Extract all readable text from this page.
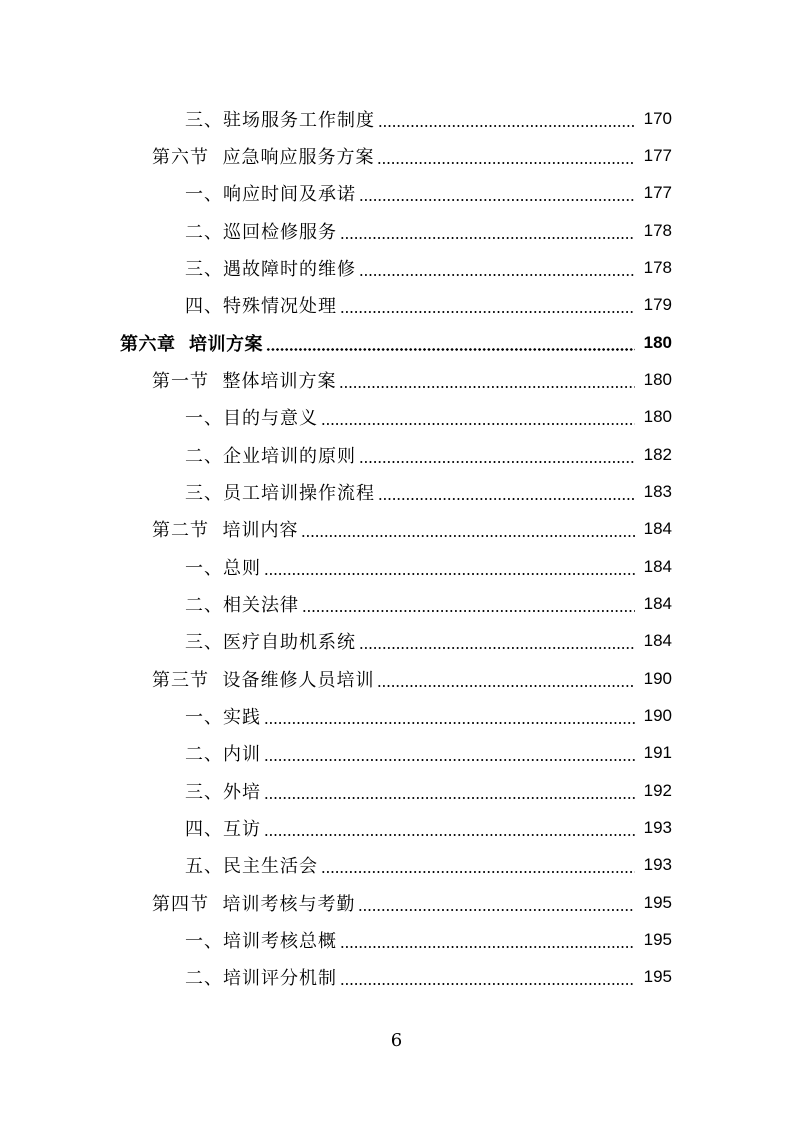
三、驻场服务工作制度	170
第六节  应急响应服务方案	177
一、响应时间及承诺	177
二、巡回检修服务	178
三、遇故障时的维修	178
四、特殊情况处理	179
第六章  培训方案	180
第一节  整体培训方案	180
一、目的与意义	180
二、企业培训的原则	182
三、员工培训操作流程	183
第二节  培训内容	184
一、总则	184
二、相关法律	184
三、医疗自助机系统	184
第三节  设备维修人员培训	190
一、实践	190
二、内训	191
三、外培	192
四、互访	193
五、民主生活会	193
第四节  培训考核与考勤	195
一、培训考核总概	195
二、培训评分机制	195
6
